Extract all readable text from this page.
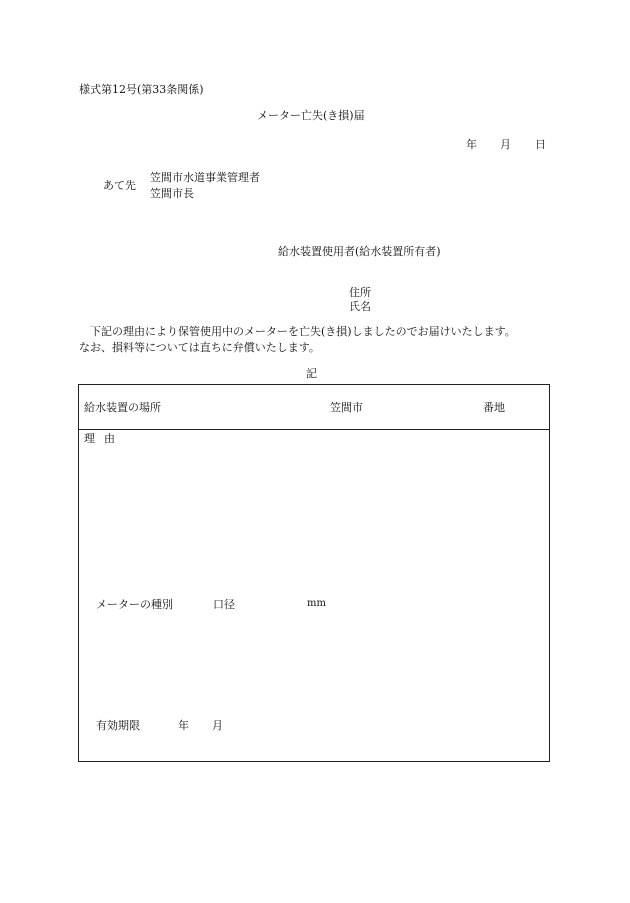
様式第12号(第33条関係)
メーター亡失(き損)届
年 月 日
あて先
笠間市水道事業管理者
笠間市長
給水装置使用者(給水装置所有者)
住所
氏名
　下記の理由により保管使用中のメーターを亡失(き損)しましたのでお届けいたします。
なお、損料等については直ちに弁償いたします。
記
給水装置の場所	笠間市	番地
理由
メーターの種別	口径	mm
有効期限	年 月
